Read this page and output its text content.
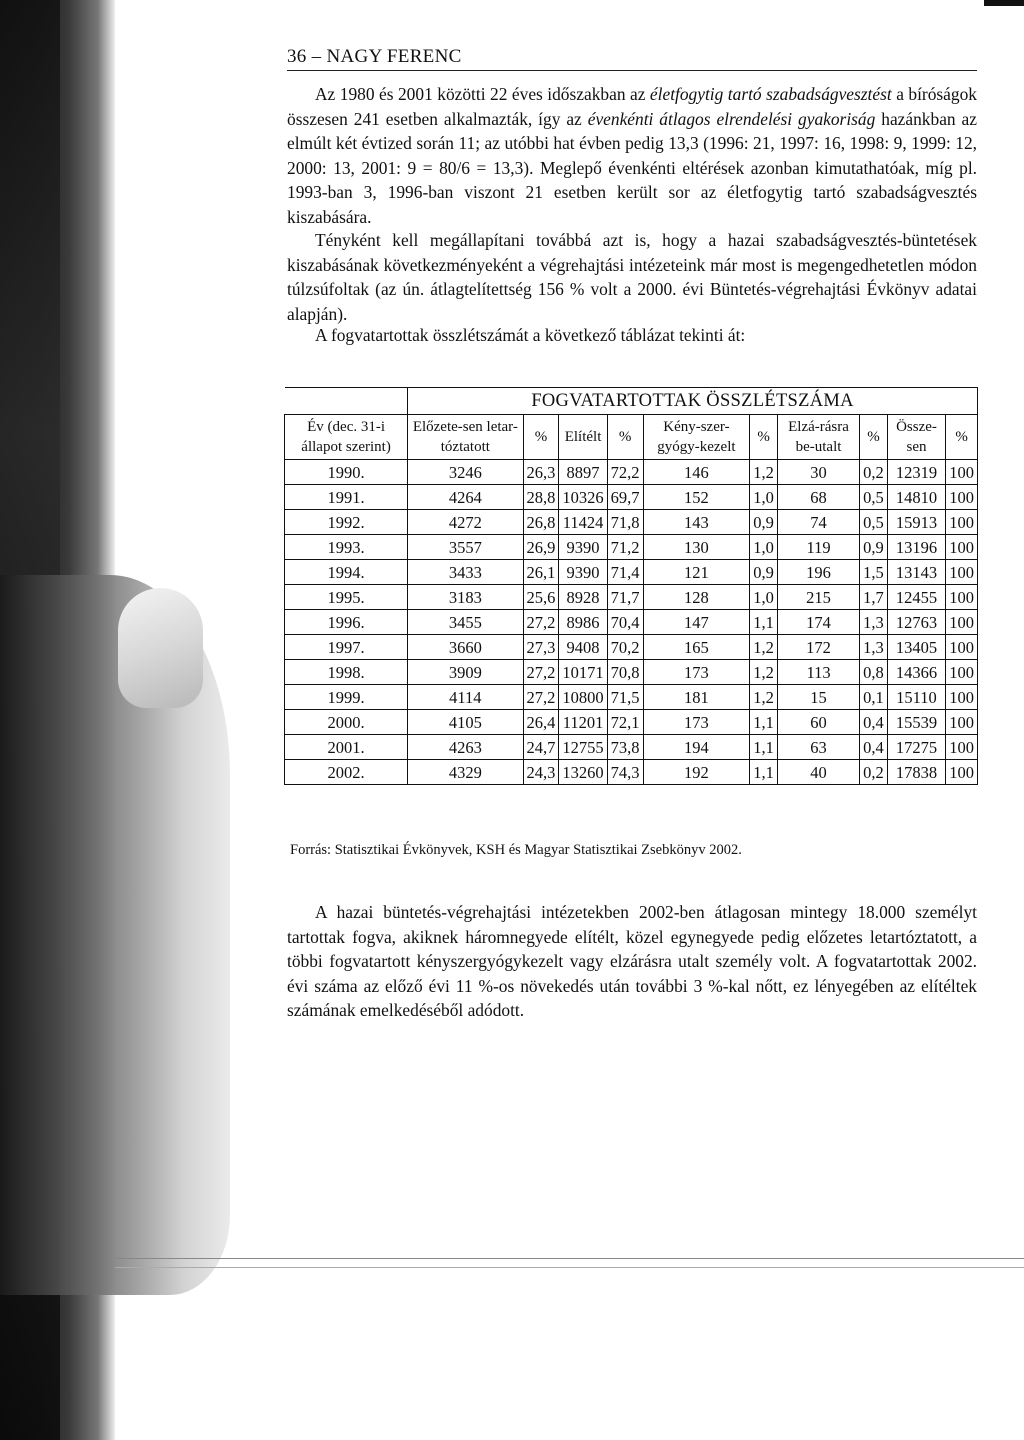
36 – NAGY FERENC

Az 1980 és 2001 közötti 22 éves időszakban az életfogytig tartó szabadságvesztést a bíróságok összesen 241 esetben alkalmazták, így az évenkénti átlagos elrendelési gyakoriság hazánkban az elmúlt két évtized során 11; az utóbbi hat évben pedig 13,3 (1996: 21, 1997: 16, 1998: 9, 1999: 12, 2000: 13, 2001: 9 = 80/6 = 13,3). Meglepő évenkénti eltérések azonban kimutathatóak, míg pl. 1993-ban 3, 1996-ban viszont 21 esetben került sor az életfogytig tartó szabadságvesztés kiszabására.

Tényként kell megállapítani továbbá azt is, hogy a hazai szabadságvesztés-büntetések kiszabásának következményeként a végrehajtási intézeteink már most is megengedhetetlen módon túlzsúfoltak (az ún. átlagtelítettség 156 % volt a 2000. évi Büntetés-végrehajtási Évkönyv adatai alapján).

A fogvatartottak összlétszámát a következő táblázat tekinti át:

	FOGVATARTOTTAK ÖSSZLÉTSZÁMA									
Év (dec. 31-i állapot szerint)	Előzete-sen letar-tóztatott	%	Elítélt	%	Kény-szer-gyógy-kezelt	%	Elzá-rásra be-utalt	%	Össze-sen	%
1990.	3246	26,3	8897	72,2	146	1,2	30	0,2	12319	100
1991.	4264	28,8	10326	69,7	152	1,0	68	0,5	14810	100
1992.	4272	26,8	11424	71,8	143	0,9	74	0,5	15913	100
1993.	3557	26,9	9390	71,2	130	1,0	119	0,9	13196	100
1994.	3433	26,1	9390	71,4	121	0,9	196	1,5	13143	100
1995.	3183	25,6	8928	71,7	128	1,0	215	1,7	12455	100
1996.	3455	27,2	8986	70,4	147	1,1	174	1,3	12763	100
1997.	3660	27,3	9408	70,2	165	1,2	172	1,3	13405	100
1998.	3909	27,2	10171	70,8	173	1,2	113	0,8	14366	100
1999.	4114	27,2	10800	71,5	181	1,2	15	0,1	15110	100
2000.	4105	26,4	11201	72,1	173	1,1	60	0,4	15539	100
2001.	4263	24,7	12755	73,8	194	1,1	63	0,4	17275	100
2002.	4329	24,3	13260	74,3	192	1,1	40	0,2	17838	100
Forrás: Statisztikai Évkönyvek, KSH és Magyar Statisztikai Zsebkönyv 2002.

A hazai büntetés-végrehajtási intézetekben 2002-ben átlagosan mintegy 18.000 személyt tartottak fogva, akiknek háromnegyede elítélt, közel egynegyede pedig előzetes letartóztatott, a többi fogvatartott kényszergyógykezelt vagy elzárásra utalt személy volt. A fogvatartottak 2002. évi száma az előző évi 11 %-os növekedés után további 3 %-kal nőtt, ez lényegében az elítéltek számának emelkedéséből adódott.
